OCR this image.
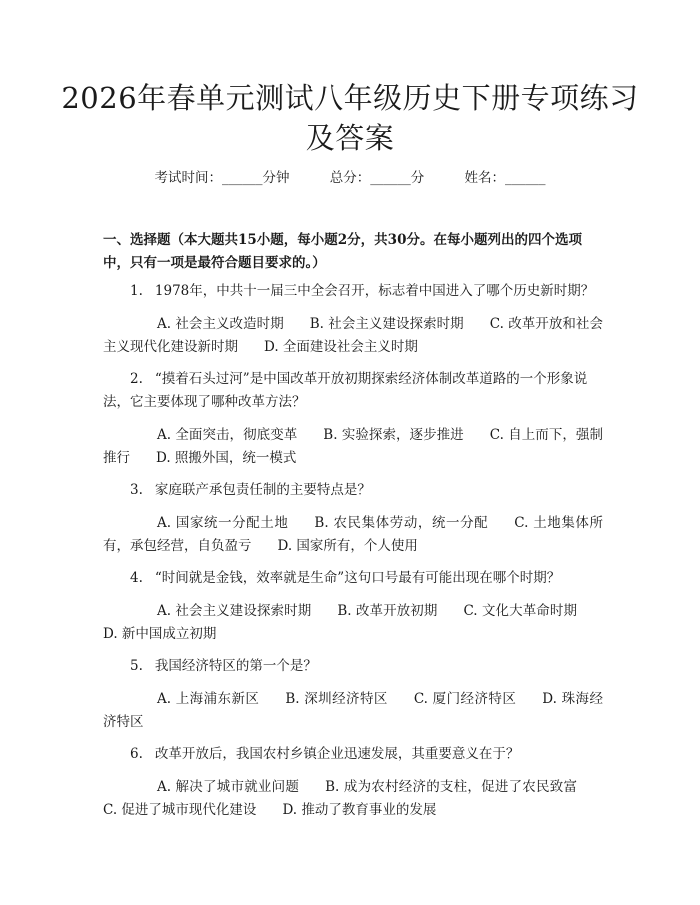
2026年春单元测试八年级历史下册专项练习及答案
考试时间：______分钟	总分：______分	姓名：______
一、选择题（本大题共15小题，每小题2分，共30分。在每小题列出的四个选项中，只有一项是最符合题目要求的。）
1. 1978年，中共十一届三中全会召开，标志着中国进入了哪个历史新时期？
A. 社会主义改造时期 B. 社会主义建设探索时期 C. 改革开放和社会主义现代化建设新时期 D. 全面建设社会主义时期
2. “摸着石头过河”是中国改革开放初期探索经济体制改革道路的一个形象说法，它主要体现了哪种改革方法？
A. 全面突击，彻底变革 B. 实验探索，逐步推进 C. 自上而下，强制推行 D. 照搬外国，统一模式
3. 家庭联产承包责任制的主要特点是？
A. 国家统一分配土地 B. 农民集体劳动，统一分配 C. 土地集体所有，承包经营，自负盈亏 D. 国家所有，个人使用
4. “时间就是金钱，效率就是生命”这句口号最有可能出现在哪个时期？
A. 社会主义建设探索时期 B. 改革开放初期 C. 文化大革命时期D. 新中国成立初期
5. 我国经济特区的第一个是？
A. 上海浦东新区 B. 深圳经济特区 C. 厦门经济特区 D. 珠海经济特区
6. 改革开放后，我国农村乡镇企业迅速发展，其重要意义在于？
A. 解决了城市就业问题 B. 成为农村经济的支柱，促进了农民致富C. 促进了城市现代化建设 D. 推动了教育事业的发展
